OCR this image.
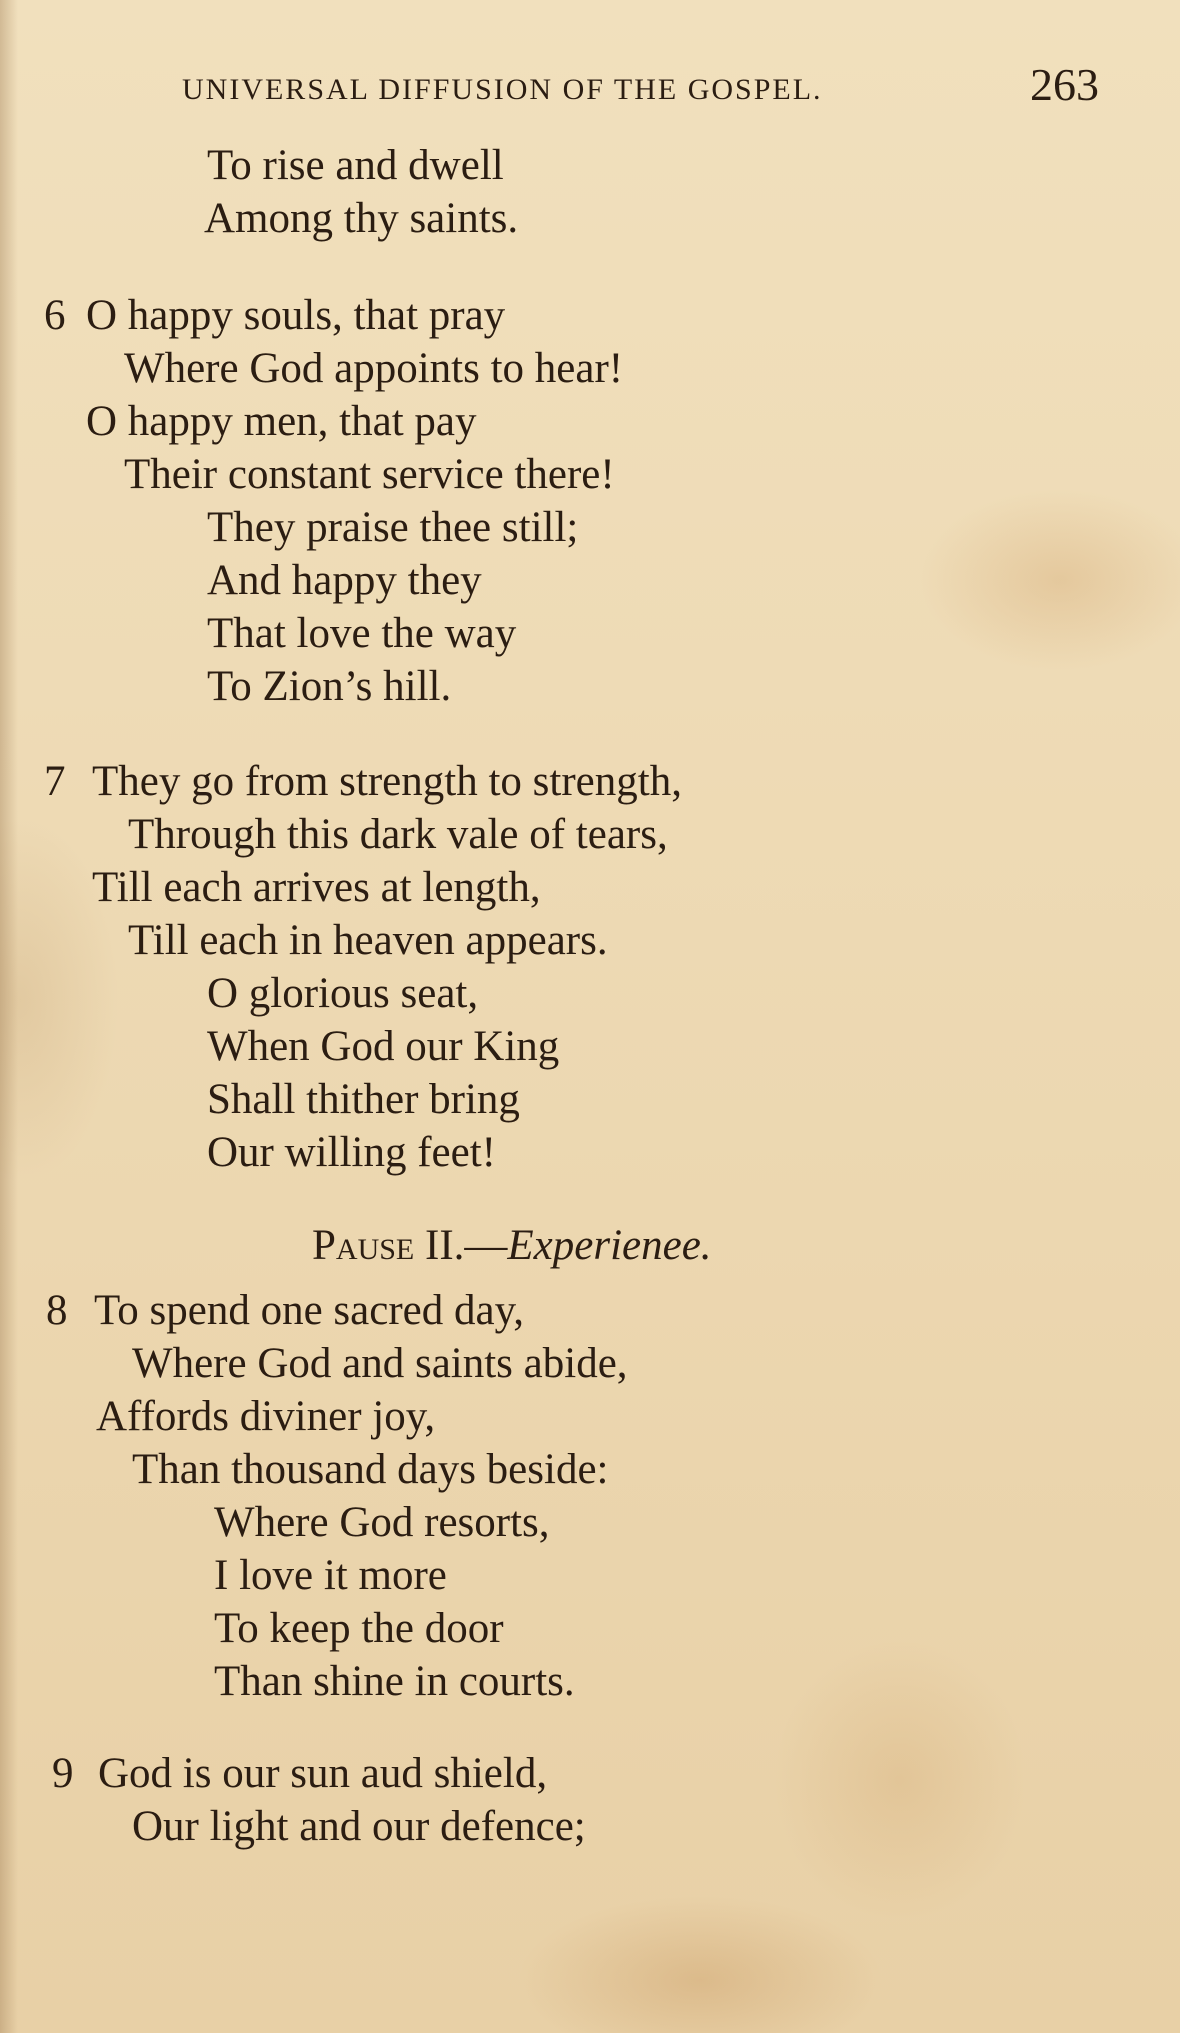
UNIVERSAL DIFFUSION OF THE GOSPEL.	263
To rise and dwell
Among thy saints.
6 O happy souls, that pray
Where God appoints to hear!
O happy men, that pay
Their constant service there!
They praise thee still;
And happy they
That love the way
To Zion’s hill.
7 They go from strength to strength,
Through this dark vale of tears,
Till each arrives at length,
Till each in heaven appears.
O glorious seat,
When God our King
Shall thither bring
Our willing feet!
Pause II.—Experienee.
8 To spend one sacred day,
Where God and saints abide,
Affords diviner joy,
Than thousand days beside:
Where God resorts,
I love it more
To keep the door
Than shine in courts.
9 God is our sun aud shield,
Our light and our defence;
